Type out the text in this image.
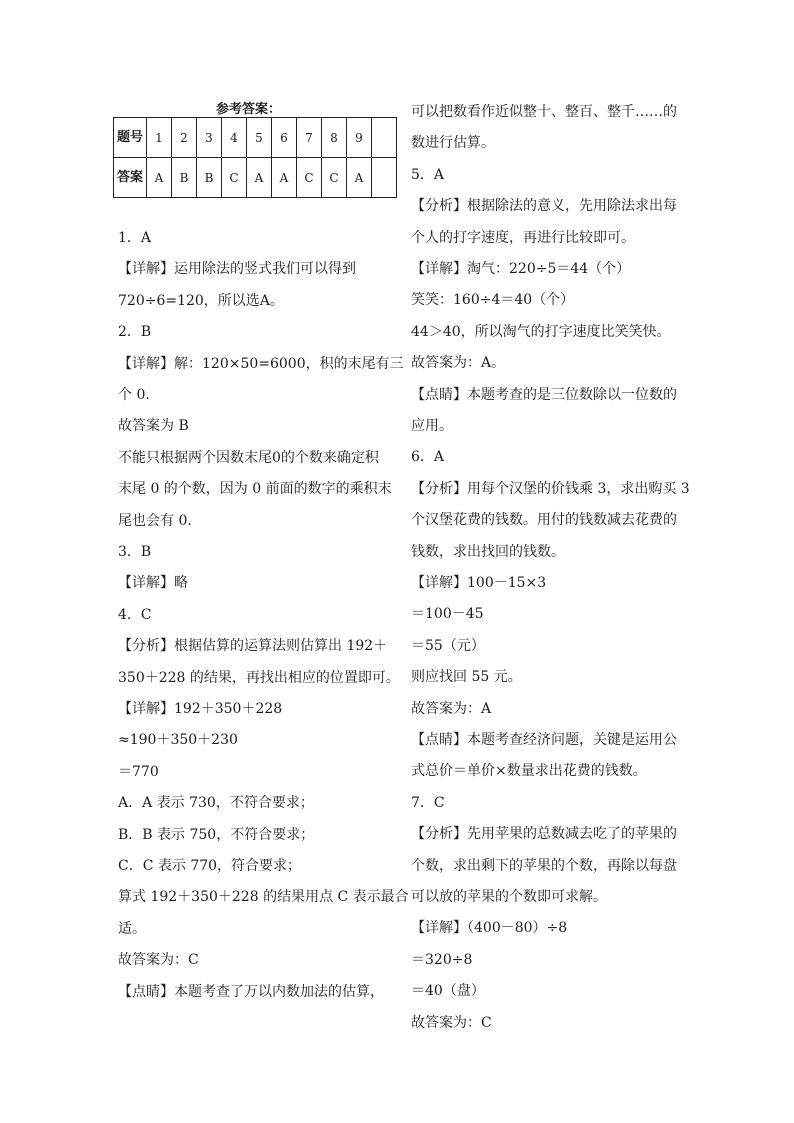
参考答案：
题号	1	2	3	4	5	6	7	8	9	
答案	A	B	B	C	A	A	C	C	A	
1．A
【详解】运用除法的竖式我们可以得到
720÷6=120，所以选A。
2．B
【详解】解：120×50=6000，积的末尾有三
个 0.
故答案为 B
不能只根据两个因数末尾0的个数来确定积
末尾 0 的个数，因为 0 前面的数字的乘积末
尾也会有 0.
3．B
【详解】略
4．C
【分析】根据估算的运算法则估算出 192＋
350＋228 的结果，再找出相应的位置即可。
【详解】192＋350＋228
≈190＋350＋230
＝770
A．A 表示 730，不符合要求；
B．B 表示 750，不符合要求；
C．C 表示 770，符合要求；
算式 192＋350＋228 的结果用点 C 表示最合
适。
故答案为：C
【点睛】本题考查了万以内数加法的估算，
可以把数看作近似整十、整百、整千……的
数进行估算。
5．A
【分析】根据除法的意义，先用除法求出每
个人的打字速度，再进行比较即可。
【详解】淘气：220÷5＝44（个）
笑笑：160÷4＝40（个）
44＞40，所以淘气的打字速度比笑笑快。
故答案为：A。
【点睛】本题考查的是三位数除以一位数的
应用。
6．A
【分析】用每个汉堡的价钱乘 3，求出购买 3
个汉堡花费的钱数。用付的钱数减去花费的
钱数，求出找回的钱数。
【详解】100－15×3
＝100－45
＝55（元）
则应找回 55 元。
故答案为：A
【点睛】本题考查经济问题，关键是运用公
式总价＝单价×数量求出花费的钱数。
7．C
【分析】先用苹果的总数减去吃了的苹果的
个数，求出剩下的苹果的个数，再除以每盘
可以放的苹果的个数即可求解。
【详解】（400－80）÷8
＝320÷8
＝40（盘）
故答案为：C
